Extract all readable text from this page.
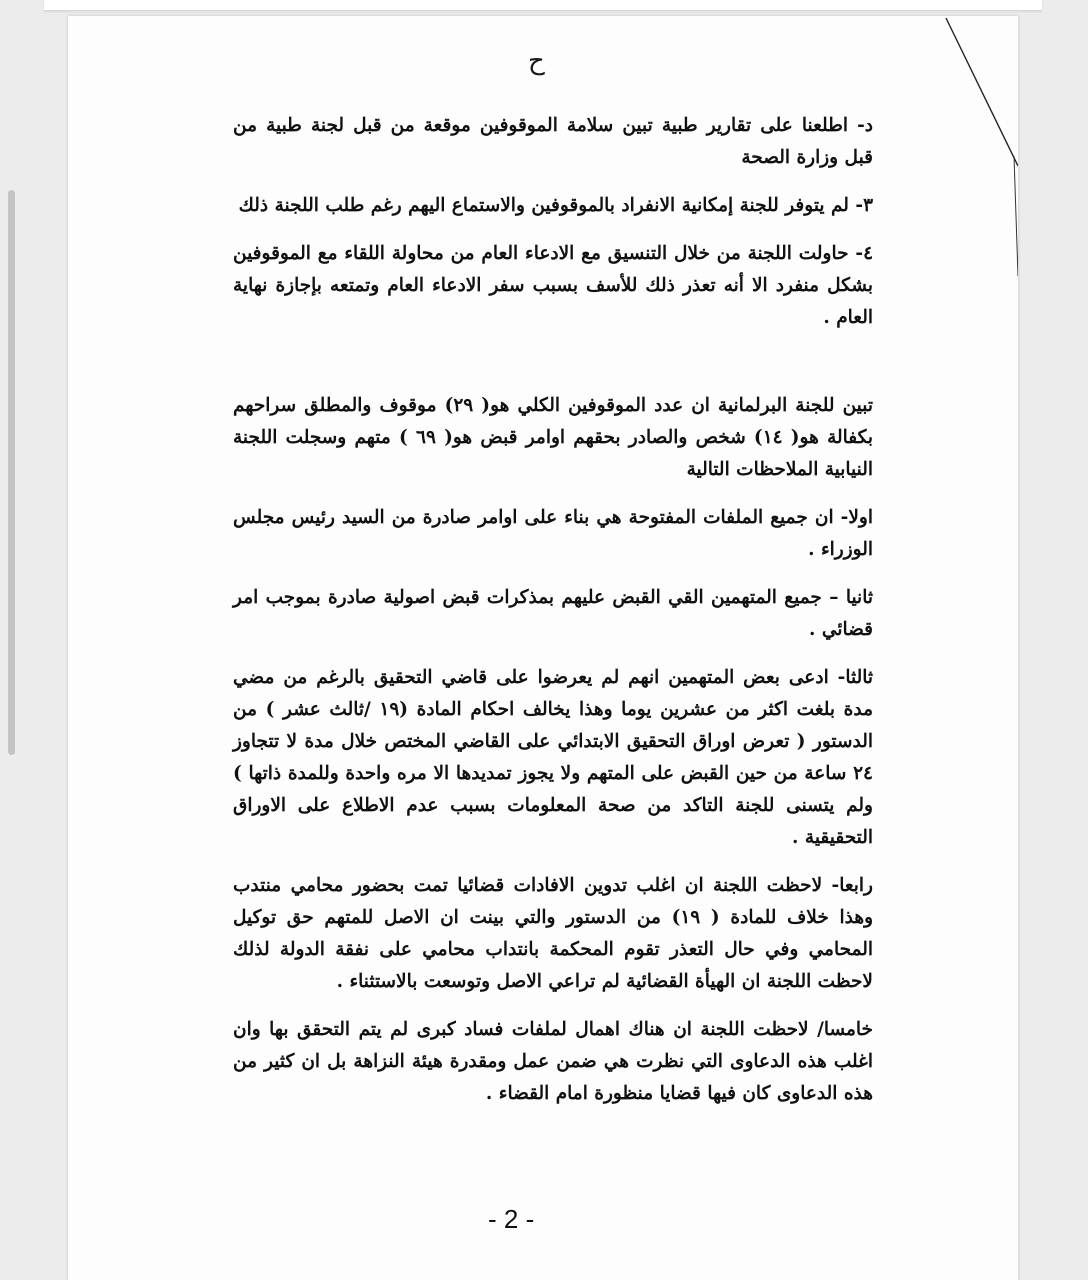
ح

د- اطلعنا على تقارير طبية تبين سلامة الموقوفين موقعة من قبل لجنة طبية من قبل وزارة الصحة

٣- لم يتوفر للجنة إمكانية الانفراد بالموقوفين والاستماع اليهم رغم طلب اللجنة ذلك

٤- حاولت اللجنة من خلال التنسيق مع الادعاء العام من محاولة اللقاء مع الموقوفين بشكل منفرد الا أنه تعذر ذلك للأسف بسبب سفر الادعاء العام وتمتعه بإجازة نهاية العام .

تبين للجنة البرلمانية ان عدد الموقوفين الكلي هو( ٢٩) موقوف والمطلق سراحهم بكفالة هو( ١٤) شخص والصادر بحقهم اوامر قبض هو( ٦٩ ) متهم وسجلت اللجنة النيابية الملاحظات التالية

اولا- ان جميع الملفات المفتوحة هي بناء على اوامر صادرة من السيد رئيس مجلس الوزراء .

ثانيا – جميع المتهمين القي القبض عليهم بمذكرات قبض اصولية صادرة بموجب امر قضائي .

ثالثا- ادعى بعض المتهمين انهم لم يعرضوا على قاضي التحقيق بالرغم من مضي مدة بلغت اكثر من عشرين يوما وهذا يخالف احكام المادة (١٩ /ثالث عشر ) من الدستور ( تعرض اوراق التحقيق الابتدائي على القاضي المختص خلال مدة لا تتجاوز ٢٤ ساعة من حين القبض على المتهم ولا يجوز تمديدها الا مره واحدة وللمدة ذاتها ) ولم يتسنى للجنة التاكد من صحة المعلومات بسبب عدم الاطلاع على الاوراق التحقيقية .

رابعا- لاحظت اللجنة ان اغلب تدوين الافادات قضائيا تمت بحضور محامي منتدب وهذا خلاف للمادة ( ١٩) من الدستور والتي بينت ان الاصل للمتهم حق توكيل المحامي وفي حال التعذر تقوم المحكمة بانتداب محامي على نفقة الدولة لذلك لاحظت اللجنة ان الهيأة القضائية لم تراعي الاصل وتوسعت بالاستثناء .

خامسا/ لاحظت اللجنة ان هناك اهمال لملفات فساد كبرى لم يتم التحقق بها وان اغلب هذه الدعاوى التي نظرت هي ضمن عمل ومقدرة هيئة النزاهة بل ان كثير من هذه الدعاوى كان فيها قضايا منظورة امام القضاء .

- 2 -
